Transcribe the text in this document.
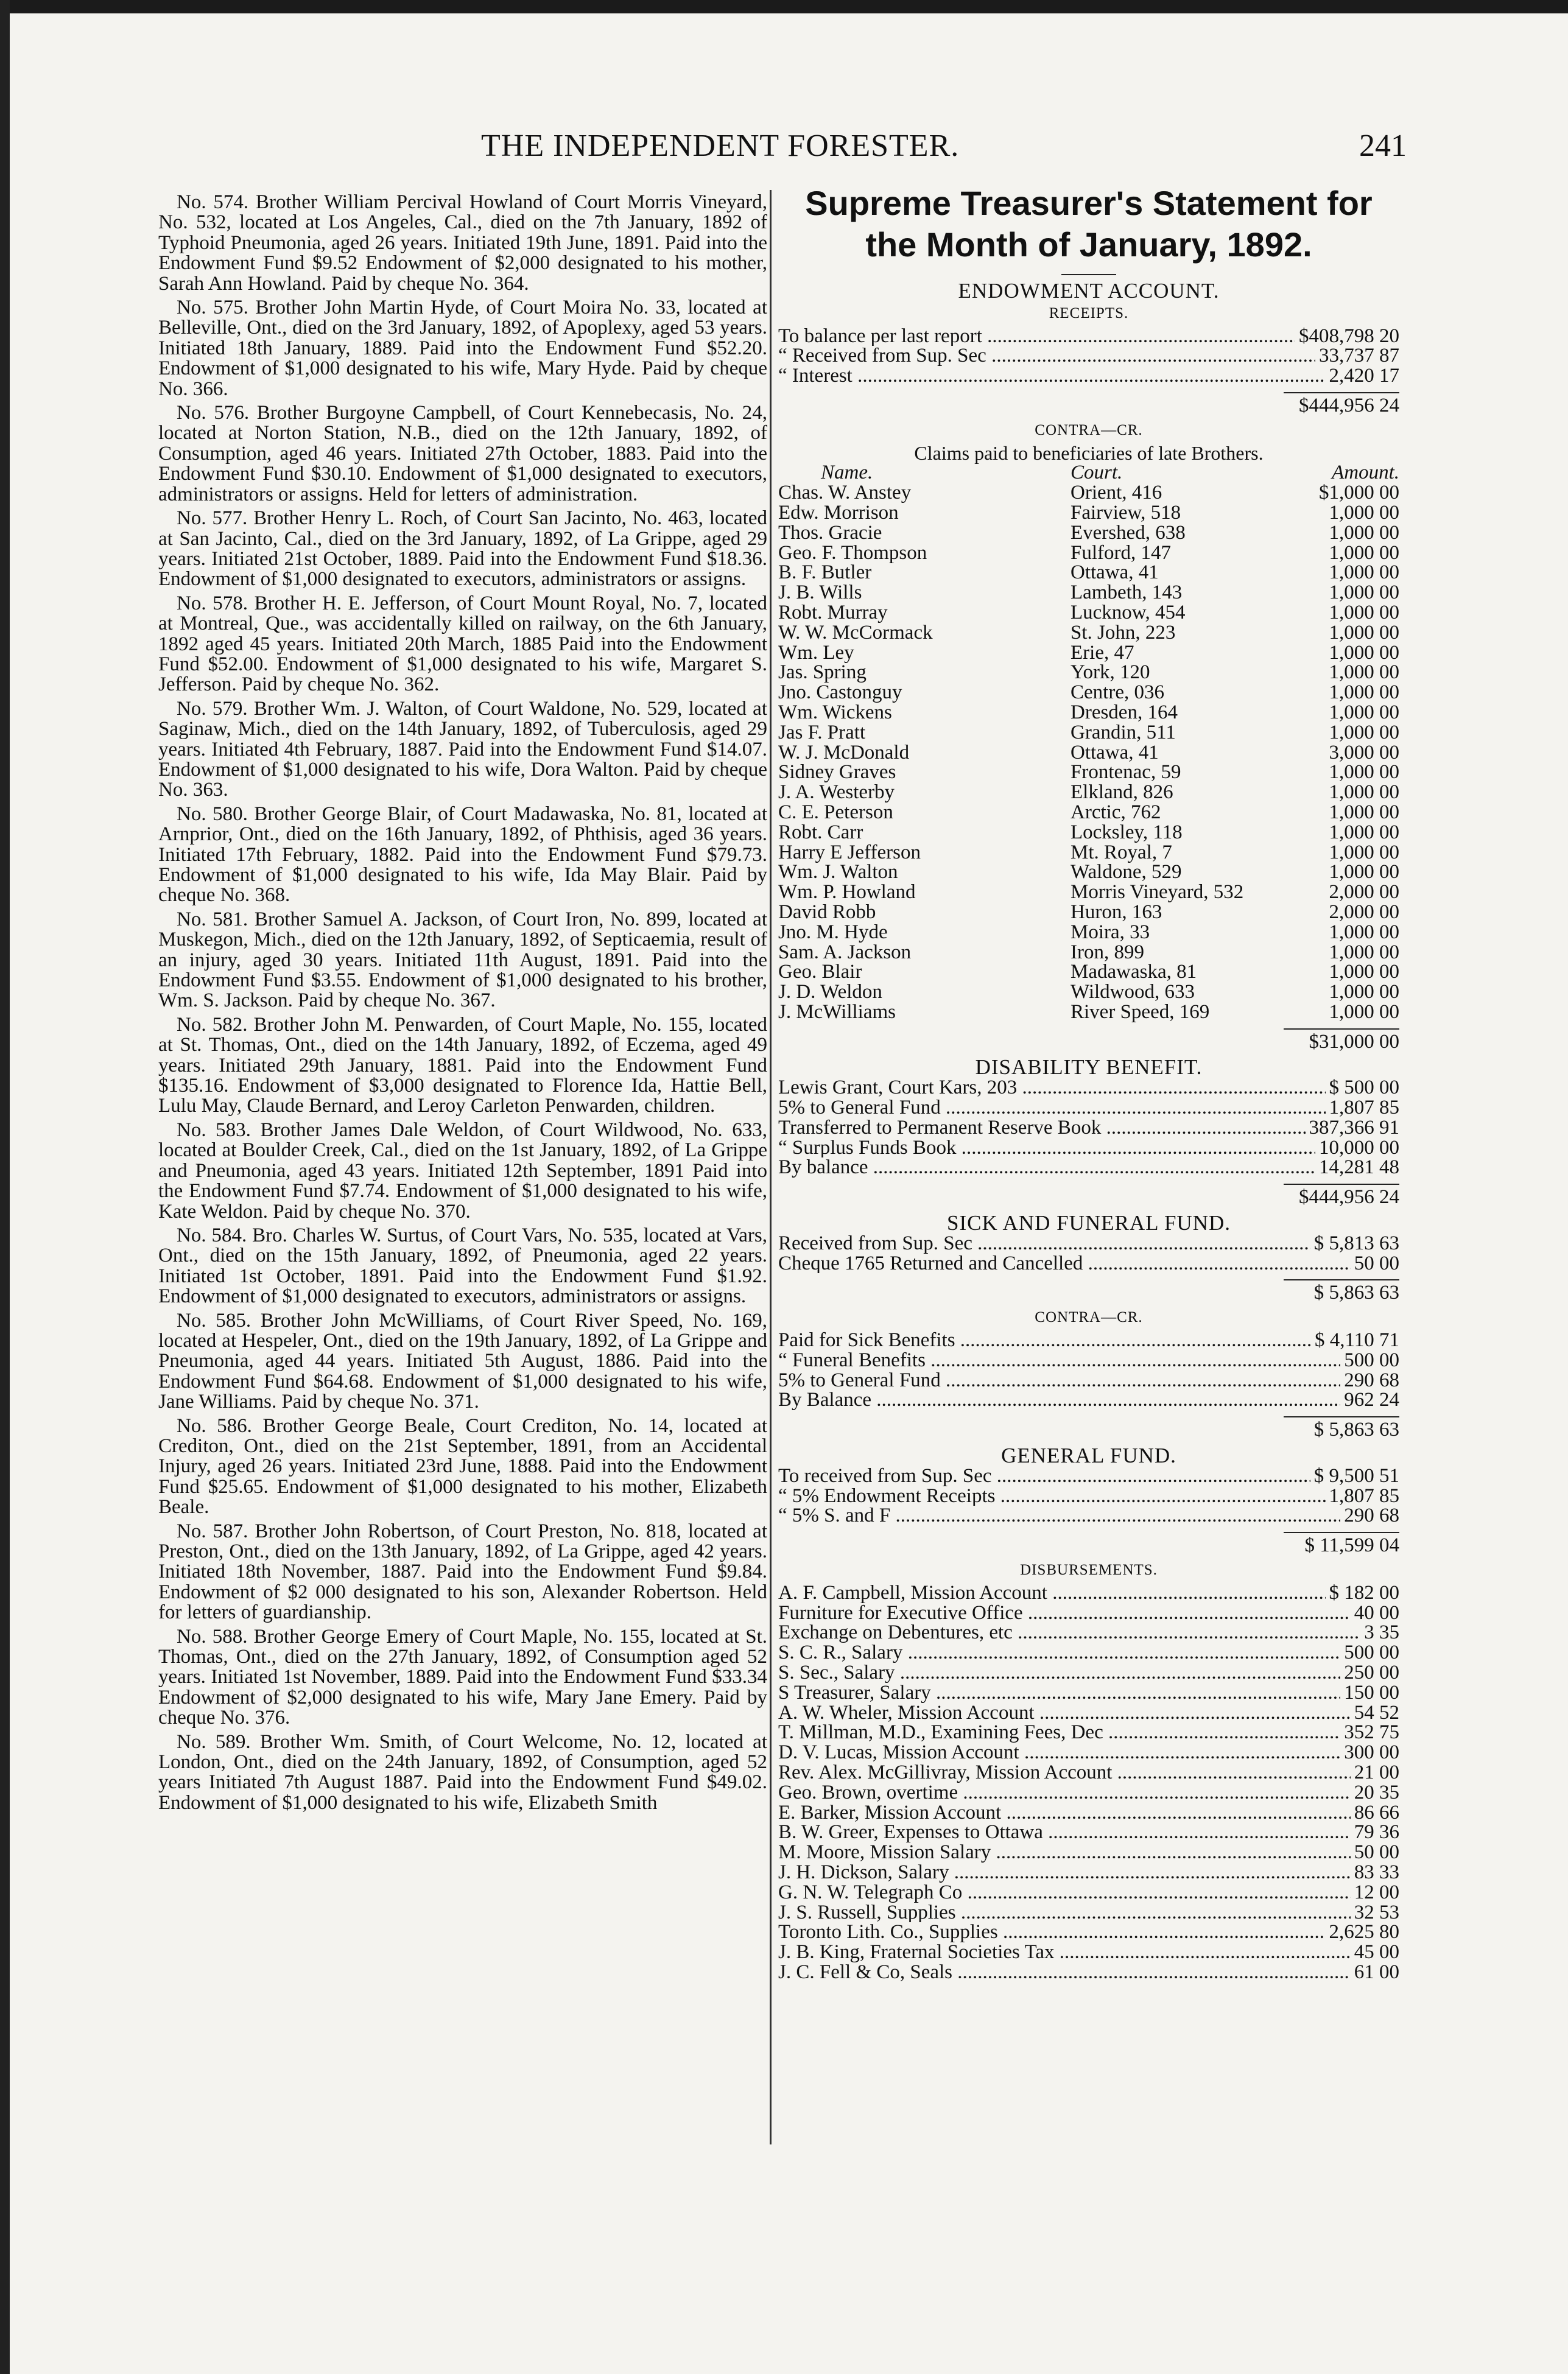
THE INDEPENDENT FORESTER.	241

No. 574. Brother William Percival Howland of Court Morris Vineyard, No. 532, located at Los Angeles, Cal., died on the 7th January, 1892 of Typhoid Pneumonia, aged 26 years. Initiated 19th June, 1891. Paid into the Endowment Fund $9.52 Endowment of $2,000 designated to his mother, Sarah Ann Howland. Paid by cheque No. 364.

No. 575. Brother John Martin Hyde, of Court Moira No. 33, located at Belleville, Ont., died on the 3rd January, 1892, of Apoplexy, aged 53 years. Initiated 18th January, 1889. Paid into the Endowment Fund $52.20. Endowment of $1,000 designated to his wife, Mary Hyde. Paid by cheque No. 366.

No. 576. Brother Burgoyne Campbell, of Court Kennebecasis, No. 24, located at Norton Station, N.B., died on the 12th January, 1892, of Consumption, aged 46 years. Initiated 27th October, 1883. Paid into the Endowment Fund $30.10. Endowment of $1,000 designated to executors, administrators or assigns. Held for letters of administration.

No. 577. Brother Henry L. Roch, of Court San Jacinto, No. 463, located at San Jacinto, Cal., died on the 3rd January, 1892, of La Grippe, aged 29 years. Initiated 21st October, 1889. Paid into the Endowment Fund $18.36. Endowment of $1,000 designated to executors, administrators or assigns.

No. 578. Brother H. E. Jefferson, of Court Mount Royal, No. 7, located at Montreal, Que., was accidentally killed on railway, on the 6th January, 1892 aged 45 years. Initiated 20th March, 1885 Paid into the Endowment Fund $52.00. Endowment of $1,000 designated to his wife, Margaret S. Jefferson. Paid by cheque No. 362.

No. 579. Brother Wm. J. Walton, of Court Waldone, No. 529, located at Saginaw, Mich., died on the 14th January, 1892, of Tuberculosis, aged 29 years. Initiated 4th February, 1887. Paid into the Endowment Fund $14.07. Endowment of $1,000 designated to his wife, Dora Walton. Paid by cheque No. 363.

No. 580. Brother George Blair, of Court Madawaska, No. 81, located at Arnprior, Ont., died on the 16th January, 1892, of Phthisis, aged 36 years. Initiated 17th February, 1882. Paid into the Endowment Fund $79.73. Endowment of $1,000 designated to his wife, Ida May Blair. Paid by cheque No. 368.

No. 581. Brother Samuel A. Jackson, of Court Iron, No. 899, located at Muskegon, Mich., died on the 12th January, 1892, of Septicaemia, result of an injury, aged 30 years. Initiated 11th August, 1891. Paid into the Endowment Fund $3.55. Endowment of $1,000 designated to his brother, Wm. S. Jackson. Paid by cheque No. 367.

No. 582. Brother John M. Penwarden, of Court Maple, No. 155, located at St. Thomas, Ont., died on the 14th January, 1892, of Eczema, aged 49 years. Initiated 29th January, 1881. Paid into the Endowment Fund $135.16. Endowment of $3,000 designated to Florence Ida, Hattie Bell, Lulu May, Claude Bernard, and Leroy Carleton Penwarden, children.

No. 583. Brother James Dale Weldon, of Court Wildwood, No. 633, located at Boulder Creek, Cal., died on the 1st January, 1892, of La Grippe and Pneumonia, aged 43 years. Initiated 12th September, 1891 Paid into the Endowment Fund $7.74. Endowment of $1,000 designated to his wife, Kate Weldon. Paid by cheque No. 370.

No. 584. Bro. Charles W. Surtus, of Court Vars, No. 535, located at Vars, Ont., died on the 15th January, 1892, of Pneumonia, aged 22 years. Initiated 1st October, 1891. Paid into the Endowment Fund $1.92. Endowment of $1,000 designated to executors, administrators or assigns.

No. 585. Brother John McWilliams, of Court River Speed, No. 169, located at Hespeler, Ont., died on the 19th January, 1892, of La Grippe and Pneumonia, aged 44 years. Initiated 5th August, 1886. Paid into the Endowment Fund $64.68. Endowment of $1,000 designated to his wife, Jane Williams. Paid by cheque No. 371.

No. 586. Brother George Beale, Court Crediton, No. 14, located at Crediton, Ont., died on the 21st September, 1891, from an Accidental Injury, aged 26 years. Initiated 23rd June, 1888. Paid into the Endowment Fund $25.65. Endowment of $1,000 designated to his mother, Elizabeth Beale.

No. 587. Brother John Robertson, of Court Preston, No. 818, located at Preston, Ont., died on the 13th January, 1892, of La Grippe, aged 42 years. Initiated 18th November, 1887. Paid into the Endowment Fund $9.84. Endowment of $2 000 designated to his son, Alexander Robertson. Held for letters of guardianship.

No. 588. Brother George Emery of Court Maple, No. 155, located at St. Thomas, Ont., died on the 27th January, 1892, of Consumption aged 52 years. Initiated 1st November, 1889. Paid into the Endowment Fund $33.34 Endowment of $2,000 designated to his wife, Mary Jane Emery. Paid by cheque No. 376.

No. 589. Brother Wm. Smith, of Court Welcome, No. 12, located at London, Ont., died on the 24th January, 1892, of Consumption, aged 52 years Initiated 7th August 1887. Paid into the Endowment Fund $49.02. Endowment of $1,000 designated to his wife, Elizabeth Smith

Supreme Treasurer's Statement for
the Month of January, 1892.
ENDOWMENT ACCOUNT.
RECEIPTS.
To balance per last report .....	$408,798 20
“ Received from Sup. Sec .....	33,737 87
“ Interest .....	2,420 17
$444,956 24
CONTRA—CR.
Claims paid to beneficiaries of late Brothers.
Name.	Court.	Amount.
Chas. W. Anstey	Orient, 416	$1,000 00
Edw. Morrison	Fairview, 518	1,000 00
Thos. Gracie	Evershed, 638	1,000 00
Geo. F. Thompson	Fulford, 147	1,000 00
B. F. Butler	Ottawa, 41	1,000 00
J. B. Wills	Lambeth, 143	1,000 00
Robt. Murray	Lucknow, 454	1,000 00
W. W. McCormack	St. John, 223	1,000 00
Wm. Ley	Erie, 47	1,000 00
Jas. Spring	York, 120	1,000 00
Jno. Castonguy	Centre, 036	1,000 00
Wm. Wickens	Dresden, 164	1,000 00
Jas F. Pratt	Grandin, 511	1,000 00
W. J. McDonald	Ottawa, 41	3,000 00
Sidney Graves	Frontenac, 59	1,000 00
J. A. Westerby	Elkland, 826	1,000 00
C. E. Peterson	Arctic, 762	1,000 00
Robt. Carr	Locksley, 118	1,000 00
Harry E Jefferson	Mt. Royal, 7	1,000 00
Wm. J. Walton	Waldone, 529	1,000 00
Wm. P. Howland	Morris Vineyard, 532	2,000 00
David Robb	Huron, 163	2,000 00
Jno. M. Hyde	Moira, 33	1,000 00
Sam. A. Jackson	Iron, 899	1,000 00
Geo. Blair	Madawaska, 81	1,000 00
J. D. Weldon	Wildwood, 633	1,000 00
J. McWilliams	River Speed, 169	1,000 00
$31,000 00
DISABILITY BENEFIT.
Lewis Grant, Court Kars, 203 .....	$ 500 00
5% to General Fund .....	1,807 85
Transferred to Permanent Reserve Book .....	387,366 91
“ Surplus Funds Book .....	10,000 00
By balance .....	14,281 48
$444,956 24
SICK AND FUNERAL FUND.
Received from Sup. Sec .....	$ 5,813 63
Cheque 1765 Returned and Cancelled .....	50 00
$ 5,863 63
CONTRA—CR.
Paid for Sick Benefits .....	$ 4,110 71
“ Funeral Benefits .....	500 00
5% to General Fund .....	290 68
By Balance .....	962 24
$ 5,863 63
GENERAL FUND.
To received from Sup. Sec .....	$ 9,500 51
“ 5% Endowment Receipts .....	1,807 85
“ 5% S. and F .....	290 68
$ 11,599 04
DISBURSEMENTS.
A. F. Campbell, Mission Account .....	$ 182 00
Furniture for Executive Office .....	40 00
Exchange on Debentures, etc .....	3 35
S. C. R., Salary .....	500 00
S. Sec., Salary .....	250 00
S Treasurer, Salary .....	150 00
A. W. Wheler, Mission Account .....	54 52
T. Millman, M.D., Examining Fees, Dec .....	352 75
D. V. Lucas, Mission Account .....	300 00
Rev. Alex. McGillivray, Mission Account .....	21 00
Geo. Brown, overtime .....	20 35
E. Barker, Mission Account .....	86 66
B. W. Greer, Expenses to Ottawa .....	79 36
M. Moore, Mission Salary .....	50 00
J. H. Dickson, Salary .....	83 33
G. N. W. Telegraph Co .....	12 00
J. S. Russell, Supplies .....	32 53
Toronto Lith. Co., Supplies .....	2,625 80
J. B. King, Fraternal Societies Tax .....	45 00
J. C. Fell & Co, Seals .....	61 00
